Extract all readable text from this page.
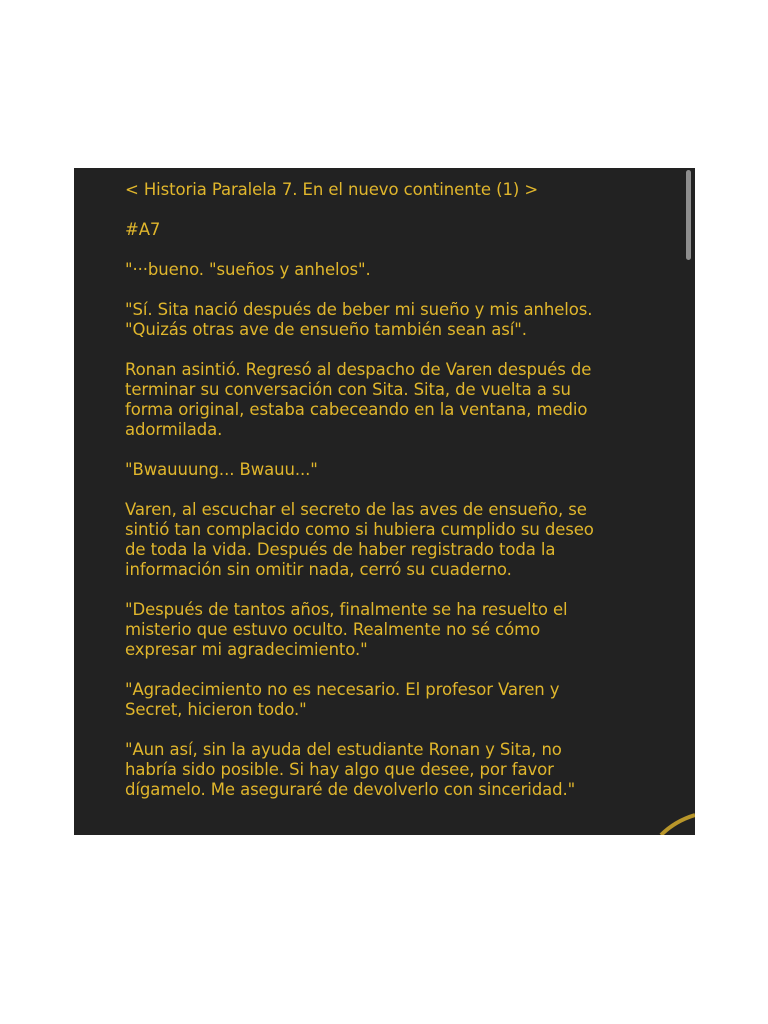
< Historia Paralela 7. En el nuevo continente (1) >

#A7

"···bueno. "sueños y anhelos".

"Sí. Sita nació después de beber mi sueño y mis anhelos.
"Quizás otras ave de ensueño también sean así".

Ronan asintió. Regresó al despacho de Varen después de
terminar su conversación con Sita. Sita, de vuelta a su
forma original, estaba cabeceando en la ventana, medio
adormilada.

"Bwauuung... Bwauu..."

Varen, al escuchar el secreto de las aves de ensueño, se
sintió tan complacido como si hubiera cumplido su deseo
de toda la vida. Después de haber registrado toda la
información sin omitir nada, cerró su cuaderno.

"Después de tantos años, finalmente se ha resuelto el
misterio que estuvo oculto. Realmente no sé cómo
expresar mi agradecimiento."

"Agradecimiento no es necesario. El profesor Varen y
Secret, hicieron todo."

"Aun así, sin la ayuda del estudiante Ronan y Sita, no
habría sido posible. Si hay algo que desee, por favor
dígamelo. Me aseguraré de devolverlo con sinceridad."
